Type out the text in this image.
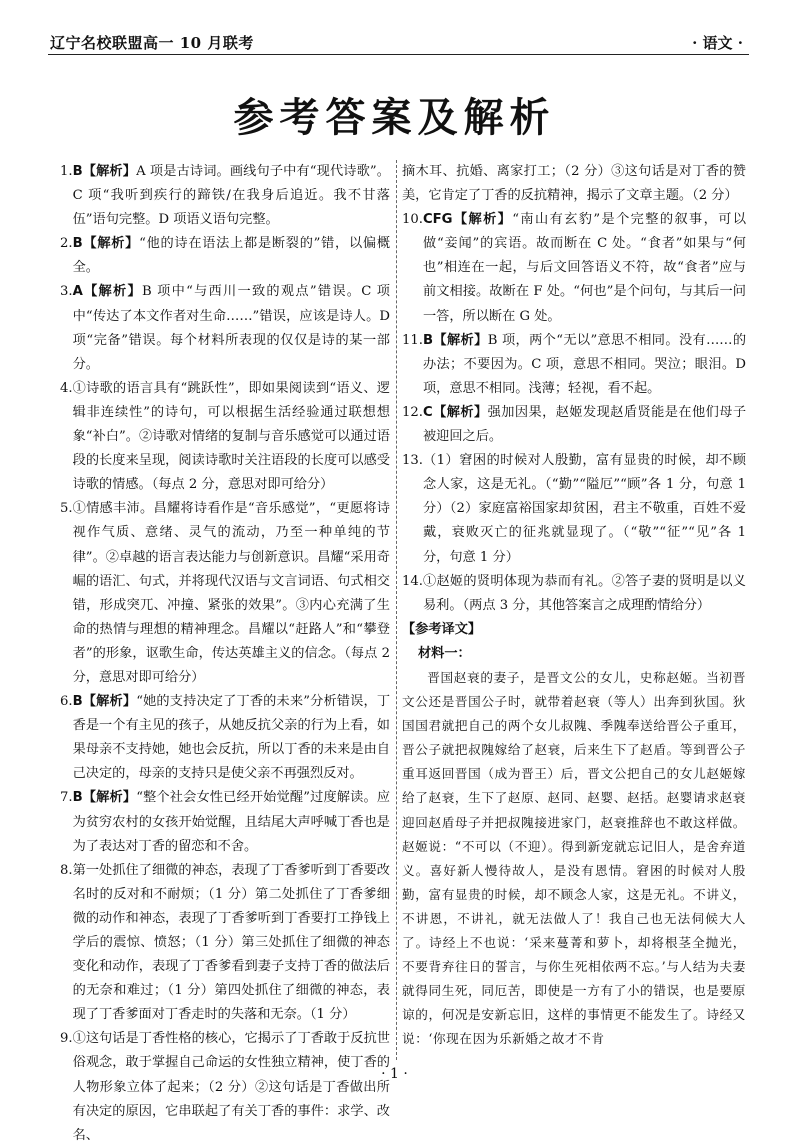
辽宁名校联盟高一 10 月联考	· 语文 ·
参考答案及解析
1. B【解析】A 项是古诗词。画线句子中有“现代诗歌”。C 项“我听到疾行的蹄铁/在我身后追近。我不甘落伍”语句完整。D 项语义语句完整。
2. B【解析】“他的诗在语法上都是断裂的”错，以偏概全。
3. A【解析】B 项中“与西川一致的观点”错误。C 项中“传达了本文作者对生命……”错误，应该是诗人。D 项“完备”错误。每个材料所表现的仅仅是诗的某一部分。
4. ①诗歌的语言具有“跳跃性”，即如果阅读到“语义、逻辑非连续性”的诗句，可以根据生活经验通过联想想象“补白”。②诗歌对情绪的复制与音乐感觉可以通过语段的长度来呈现，阅读诗歌时关注语段的长度可以感受诗歌的情感。（每点 2 分，意思对即可给分）
5. ①情感丰沛。昌耀将诗看作是“音乐感觉”，“更愿将诗视作气质、意绪、灵气的流动，乃至一种单纯的节律”。②卓越的语言表达能力与创新意识。昌耀“采用奇崛的语汇、句式，并将现代汉语与文言词语、句式相交错，形成突兀、冲撞、紧张的效果”。③内心充满了生命的热情与理想的精神理念。昌耀以“赶路人”和“攀登者”的形象，讴歌生命，传达英雄主义的信念。（每点 2 分，意思对即可给分）
6. B【解析】“她的支持决定了丁香的未来”分析错误，丁香是一个有主见的孩子，从她反抗父亲的行为上看，如果母亲不支持她，她也会反抗，所以丁香的未来是由自己决定的，母亲的支持只是使父亲不再强烈反对。
7. B【解析】“整个社会女性已经开始觉醒”过度解读。应为贫穷农村的女孩开始觉醒，且结尾大声呼喊丁香也是为了表达对丁香的留恋和不舍。
8. 第一处抓住了细微的神态，表现了丁香爹听到丁香要改名时的反对和不耐烦；（1 分）第二处抓住了丁香爹细微的动作和神态，表现了丁香爹听到丁香要打工挣钱上学后的震惊、愤怒；（1 分）第三处抓住了细微的神态变化和动作，表现了丁香爹看到妻子支持丁香的做法后的无奈和难过；（1 分）第四处抓住了细微的神态，表现了丁香爹面对丁香走时的失落和无奈。（1 分）
9. ①这句话是丁香性格的核心，它揭示了丁香敢于反抗世俗观念，敢于掌握自己命运的女性独立精神，使丁香的人物形象立体了起来；（2 分）②这句话是丁香做出所有决定的原因，它串联起了有关丁香的事件：求学、改名、
摘木耳、抗婚、离家打工；（2 分）③这句话是对丁香的赞美，它肯定了丁香的反抗精神，揭示了文章主题。（2 分）
10. CFG【解析】“南山有玄豹”是个完整的叙事，可以做“妾闻”的宾语。故而断在 C 处。“食者”如果与“何也”相连在一起，与后文回答语义不符，故“食者”应与前文相接。故断在 F 处。“何也”是个问句，与其后一问一答，所以断在 G 处。
11. B【解析】B 项，两个“无以”意思不相同。没有……的办法；不要因为。C 项，意思不相同。哭泣；眼泪。D 项，意思不相同。浅薄；轻视，看不起。
12. C【解析】强加因果，赵姬发现赵盾贤能是在他们母子被迎回之后。
13. （1）窘困的时候对人殷勤，富有显贵的时候，却不顾念人家，这是无礼。（“勤”“隘厄”“顾”各 1 分，句意 1 分）（2）家庭富裕国家却贫困，君主不敬重，百姓不爱戴，衰败灭亡的征兆就显现了。（“敬”“征”“见”各 1 分，句意 1 分）
14. ①赵姬的贤明体现为恭而有礼。②答子妻的贤明是以义易利。（两点 3 分，其他答案言之成理酌情给分）
【参考译文】
材料一：
晋国赵衰的妻子，是晋文公的女儿，史称赵姬。当初晋文公还是晋国公子时，就带着赵衰（等人）出奔到狄国。狄国国君就把自己的两个女儿叔隗、季隗奉送给晋公子重耳，晋公子就把叔隗嫁给了赵衰，后来生下了赵盾。等到晋公子重耳返回晋国（成为晋王）后，晋文公把自己的女儿赵姬嫁给了赵衰，生下了赵原、赵同、赵婴、赵括。赵婴请求赵衰迎回赵盾母子并把叔隗接进家门，赵衰推辞也不敢这样做。赵姬说：“不可以（不迎）。得到新宠就忘记旧人，是舍弃道义。喜好新人慢待故人，是没有恩情。窘困的时候对人殷勤，富有显贵的时候，却不顾念人家，这是无礼。不讲义，不讲恩，不讲礼，就无法做人了！我自己也无法伺候大人了。诗经上不也说：‘采来蔓菁和萝卜，却将根茎全抛光，不要背弃往日的誓言，与你生死相依两不忘。’与人结为夫妻就得同生死，同厄苦，即使是一方有了小的错误，也是要原谅的，何况是安新忘旧，这样的事情更不能发生了。诗经又说：‘你现在因为乐新婚之故才不肯
· 1 ·
